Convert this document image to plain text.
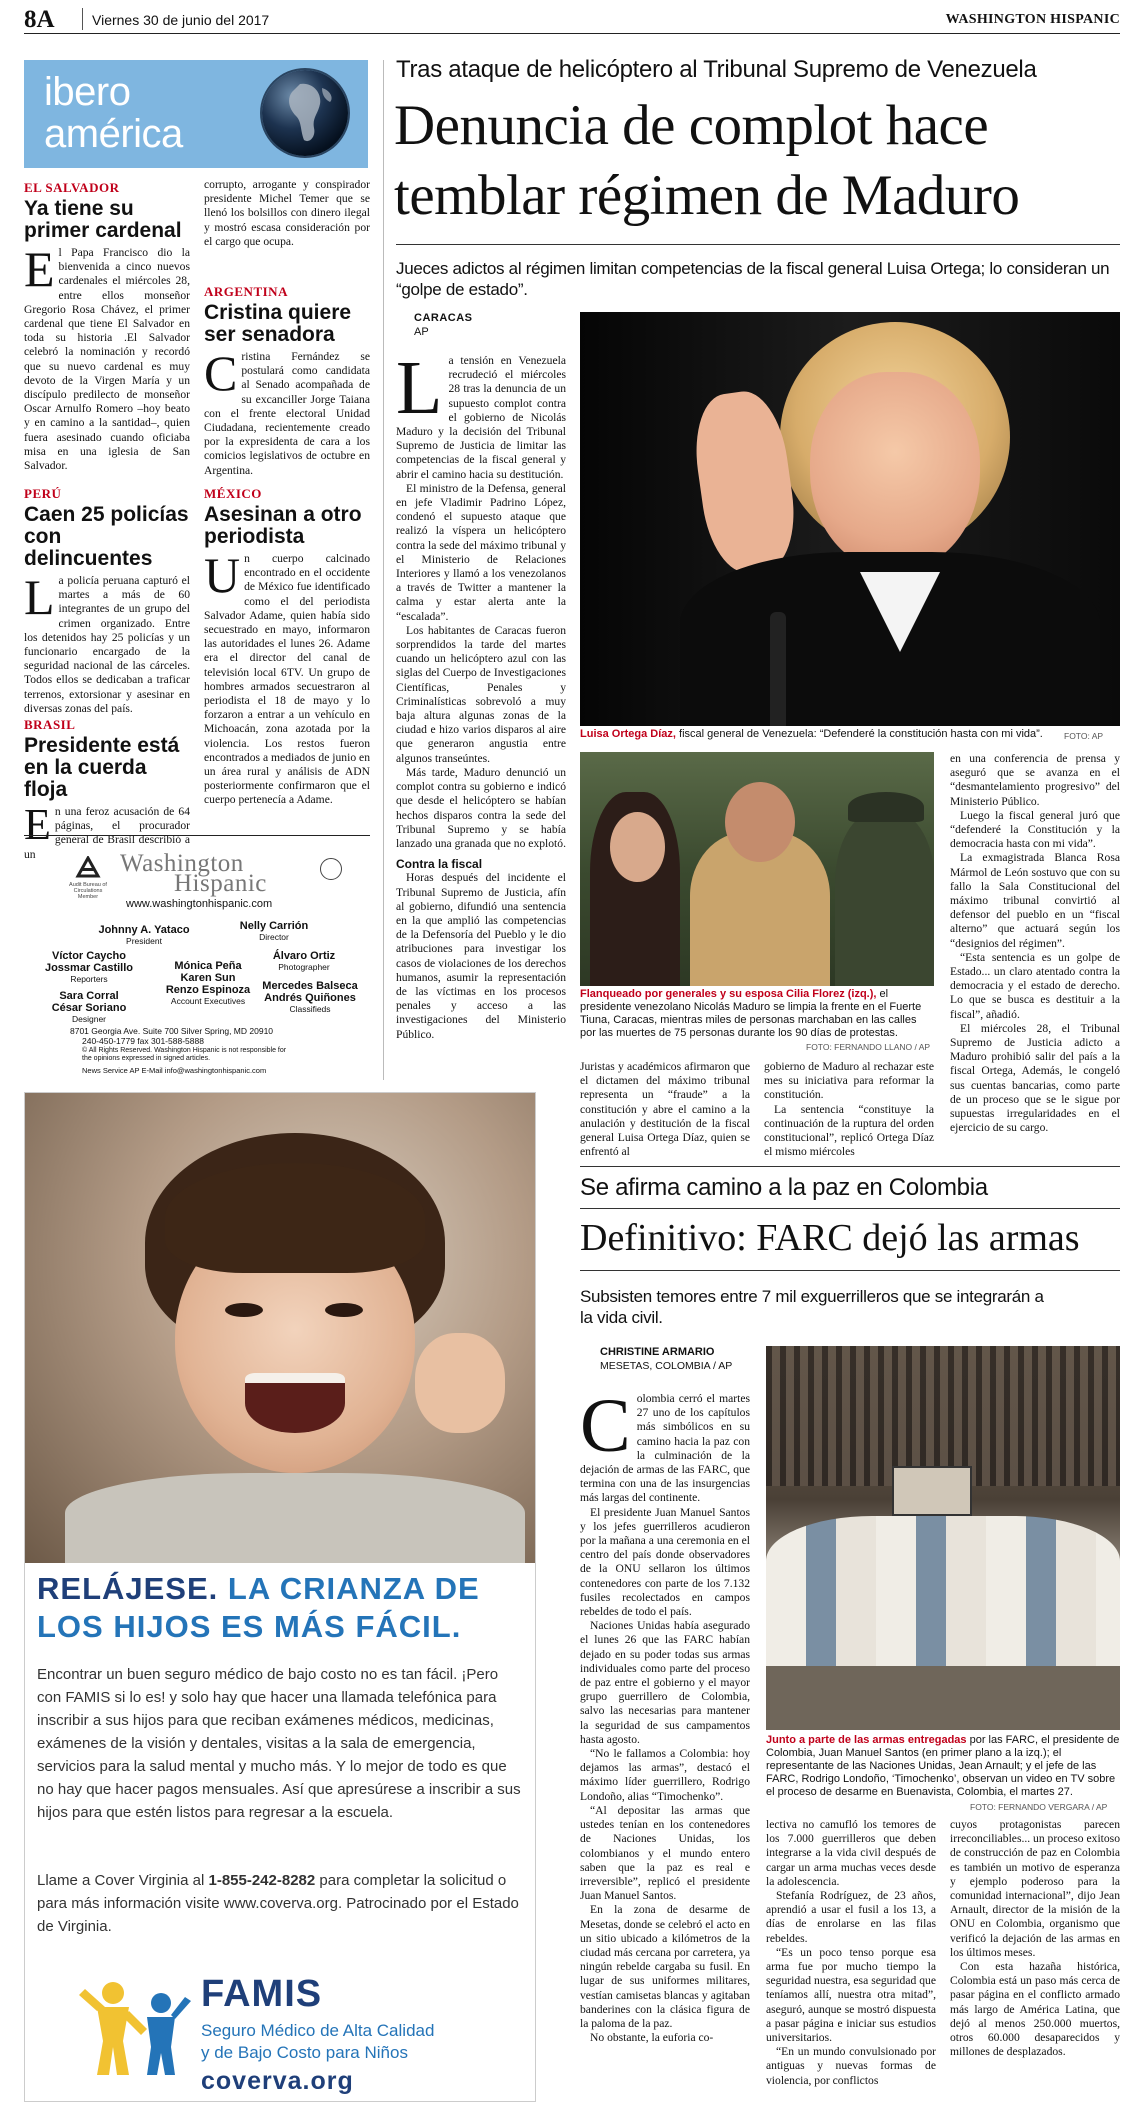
8A	Viernes 30 de junio del 2017	WASHINGTON HISPANIC
ibero
américa
EL SALVADOR
Ya tiene su primer cardenal
El Papa Francisco dio la bienvenida a cinco nuevos cardenales el miércoles 28, entre ellos monseñor Gregorio Rosa Chávez, el primer cardenal que tiene El Salvador en toda su historia .El Salvador celebró la nominación y recordó que su nuevo cardenal es muy devoto de la Virgen María y un discípulo predilecto de monseñor Oscar Arnulfo Romero –hoy beato y en camino a la santidad–, quien fuera asesinado cuando oficiaba misa en una iglesia de San Salvador.
PERÚ
Caen 25 policías con delincuentes
La policía peruana capturó el martes a más de 60 integrantes de un grupo del crimen organizado. Entre los detenidos hay 25 policías y un funcionario encargado de la seguridad nacional de las cárceles. Todos ellos se dedicaban a traficar terrenos, extorsionar y asesinar en diversas zonas del país.
BRASIL
Presidente está en la cuerda floja
En una feroz acusación de 64 páginas, el procurador general de Brasil describió a un
corrupto, arrogante y conspirador presidente Michel Temer que se llenó los bolsillos con dinero ilegal y mostró escasa consideración por el cargo que ocupa.
ARGENTINA
Cristina quiere ser senadora
Cristina Fernández se postulará como candidata al Senado acompañada de su excanciller Jorge Taiana con el frente electoral Unidad Ciudadana, recientemente creado por la expresidenta de cara a los comicios legislativos de octubre en Argentina.
MÉXICO
Asesinan a otro periodista
Un cuerpo calcinado encontrado en el occidente de México fue identificado como el del periodista Salvador Adame, quien había sido secuestrado en mayo, informaron las autoridades el lunes 26. Adame era el director del canal de televisión local 6TV. Un grupo de hombres armados secuestraron al periodista el 18 de mayo y lo forzaron a entrar a un vehículo en Michoacán, zona azotada por la violencia. Los restos fueron encontrados a mediados de junio en un área rural y análisis de ADN posteriormente confirmaron que el cuerpo pertenecía a Adame.
Audit Bureau of Circulations Member
Washington
Hispanic
www.washingtonhispanic.com
Johnny A. Yataco
President
Nelly Carrión
Director
Víctor Caycho
Jossmar Castillo
Reporters
Álvaro Ortiz
Photographer
Mónica Peña
Karen Sun
Renzo Espinoza
Account Executives
Sara Corral
César Soriano
Designer
Mercedes Balseca
Andrés Quiñones
Classifieds
8701 Georgia Ave. Suite 700 Silver Spring, MD 20910
240-450-1779 fax 301-588-5888
© All Rights Reserved. Washington Hispanic is not responsible for the opinions expressed in signed articles.
News Service AP E-Mail info@washingtonhispanic.com
RELÁJESE. LA CRIANZA DE
LOS HIJOS ES MÁS FÁCIL.
Encontrar un buen seguro médico de bajo costo no es tan fácil. ¡Pero con FAMIS si lo es! y solo hay que hacer una llamada telefónica para inscribir a sus hijos para que reciban exámenes médicos, medicinas, exámenes de la visión y dentales, visitas a la sala de emergencia, servicios para la salud mental y mucho más. Y lo mejor de todo es que no hay que hacer pagos mensuales. Así que apresúrese a inscribir a sus hijos para que estén listos para regresar a la escuela.
Llame a Cover Virginia al 1-855-242-8282 para completar la solicitud o para más información visite www.coverva.org. Patrocinado por el Estado de Virginia.
FAMIS
Seguro Médico de Alta Calidad
y de Bajo Costo para Niños
coverva.org
Tras ataque de helicóptero al Tribunal Supremo de Venezuela
Denuncia de complot hace
temblar régimen de Maduro
Jueces adictos al régimen limitan competencias de la fiscal general Luisa Ortega; lo consideran un “golpe de estado”.
CARACAS
AP
L a tensión en Venezuela recrudeció el miércoles 28 tras la denuncia de un supuesto complot contra el gobierno de Nicolás Maduro y la decisión del Tribunal Supremo de Justicia de limitar las competencias de la fiscal general y abrir el camino hacia su destitución.

El ministro de la Defensa, general en jefe Vladimir Padrino López, condenó el supuesto ataque que realizó la víspera un helicóptero contra la sede del máximo tribunal y el Ministerio de Relaciones Interiores y llamó a los venezolanos a través de Twitter a mantener la calma y estar alerta ante la “escalada”.

Los habitantes de Caracas fueron sorprendidos la tarde del martes cuando un helicóptero azul con las siglas del Cuerpo de Investigaciones Científicas, Penales y Criminalísticas sobrevoló a muy baja altura algunas zonas de la ciudad e hizo varios disparos al aire que generaron angustia entre algunos transeúntes.

Más tarde, Maduro denunció un complot contra su gobierno e indicó que desde el helicóptero se habían hechos disparos contra la sede del Tribunal Supremo y se había lanzado una granada que no explotó.

Contra la fiscal

Horas después del incidente el Tribunal Supremo de Justicia, afín al gobierno, difundió una sentencia en la que amplió las competencias de la Defensoría del Pueblo y le dio atribuciones para investigar los casos de violaciones de los derechos humanos, asumir la representación de las víctimas en los procesos penales y acceso a las investigaciones del Ministerio Público.

Luisa Ortega Díaz, fiscal general de Venezuela: “Defenderé la constitución hasta con mi vida”.	FOTO: AP
Flanqueado por generales y su esposa Cilia Florez (izq.), el presidente venezolano Nicolás Maduro se limpia la frente en el Fuerte Tiuna, Caracas, mientras miles de personas marchaban en las calles por las muertes de 75 personas durante los 90 días de protestas.
FOTO: FERNANDO LLANO / AP
Juristas y académicos afirmaron que el dictamen del máximo tribunal representa un “fraude” a la constitución y abre el camino a la anulación y destitución de la fiscal general Luisa Ortega Díaz, quien se enfrentó al

gobierno de Maduro al rechazar este mes su iniciativa para reformar la constitución.

La sentencia “constituye la continuación de la ruptura del orden constitucional”, replicó Ortega Díaz el mismo miércoles

en una conferencia de prensa y aseguró que se avanza en el “desmantelamiento progresivo” del Ministerio Público.

Luego la fiscal general juró que “defenderé la Constitución y la democracia hasta con mi vida”.

La exmagistrada Blanca Rosa Mármol de León sostuvo que con su fallo la Sala Constitucional del máximo tribunal convirtió al defensor del pueblo en un “fiscal alterno” que actuará según los “designios del régimen”.

“Esta sentencia es un golpe de Estado... un claro atentado contra la democracia y el estado de derecho. Lo que se busca es destituir a la fiscal”, añadió.

El miércoles 28, el Tribunal Supremo de Justicia adicto a Maduro prohibió salir del país a la fiscal Ortega, Además, le congeló sus cuentas bancarias, como parte de un proceso que se le sigue por supuestas irregularidades en el ejercicio de su cargo.

Se afirma camino a la paz en Colombia
Definitivo: FARC dejó las armas
Subsisten temores entre 7 mil exguerrilleros que se integrarán a la vida civil.
CHRISTINE ARMARIO
MESETAS, COLOMBIA / AP
C olombia cerró el martes 27 uno de los capítulos más simbólicos en su camino hacia la paz con la culminación de la dejación de armas de las FARC, que termina con una de las insurgencias más largas del continente.

El presidente Juan Manuel Santos y los jefes guerrilleros acudieron por la mañana a una ceremonia en el centro del país donde observadores de la ONU sellaron los últimos contenedores con parte de los 7.132 fusiles recolectados en campos rebeldes de todo el país.

Naciones Unidas había asegurado el lunes 26 que las FARC habían dejado en su poder todas sus armas individuales como parte del proceso de paz entre el gobierno y el mayor grupo guerrillero de Colombia, salvo las necesarias para mantener la seguridad de sus campamentos hasta agosto.

“No le fallamos a Colombia: hoy dejamos las armas”, destacó el máximo líder guerrillero, Rodrigo Londoño, alias “Timochenko”.

“Al depositar las armas que ustedes tenían en los contenedores de Naciones Unidas, los colombianos y el mundo entero saben que la paz es real e irreversible”, replicó el presidente Juan Manuel Santos.

En la zona de desarme de Mesetas, donde se celebró el acto en un sitio ubicado a kilómetros de la ciudad más cercana por carretera, ya ningún rebelde cargaba su fusil. En lugar de sus uniformes militares, vestían camisetas blancas y agitaban banderines con la clásica figura de la paloma de la paz.

No obstante, la euforia co-

Junto a parte de las armas entregadas por las FARC, el presidente de Colombia, Juan Manuel Santos (en primer plano a la izq.); el representante de las Naciones Unidas, Jean Arnault; y el jefe de las FARC, Rodrigo Londoño, ‘Timochenko’, observan un video en TV sobre el proceso de desarme en Buenavista, Colombia, el martes 27.
FOTO: FERNANDO VERGARA / AP

lectiva no camufló los temores de los 7.000 guerrilleros que deben integrarse a la vida civil después de cargar un arma muchas veces desde la adolescencia.

Stefanía Rodríguez, de 23 años, aprendió a usar el fusil a los 13, a días de enrolarse en las filas rebeldes.

“Es un poco tenso porque esa arma fue por mucho tiempo la seguridad nuestra, esa seguridad que teníamos allí, nuestra otra mitad”, aseguró, aunque se mostró dispuesta a pasar página e iniciar sus estudios universitarios.

“En un mundo convulsionado por antiguas y nuevas formas de violencia, por conflictos

cuyos protagonistas parecen irreconciliables... un proceso exitoso de construcción de paz en Colombia es también un motivo de esperanza y ejemplo poderoso para la comunidad internacional”, dijo Jean Arnault, director de la misión de la ONU en Colombia, organismo que verificó la dejación de las armas en los últimos meses.

Con esta hazaña histórica, Colombia está un paso más cerca de pasar página en el conflicto armado más largo de América Latina, que dejó al menos 250.000 muertos, otros 60.000 desaparecidos y millones de desplazados.
